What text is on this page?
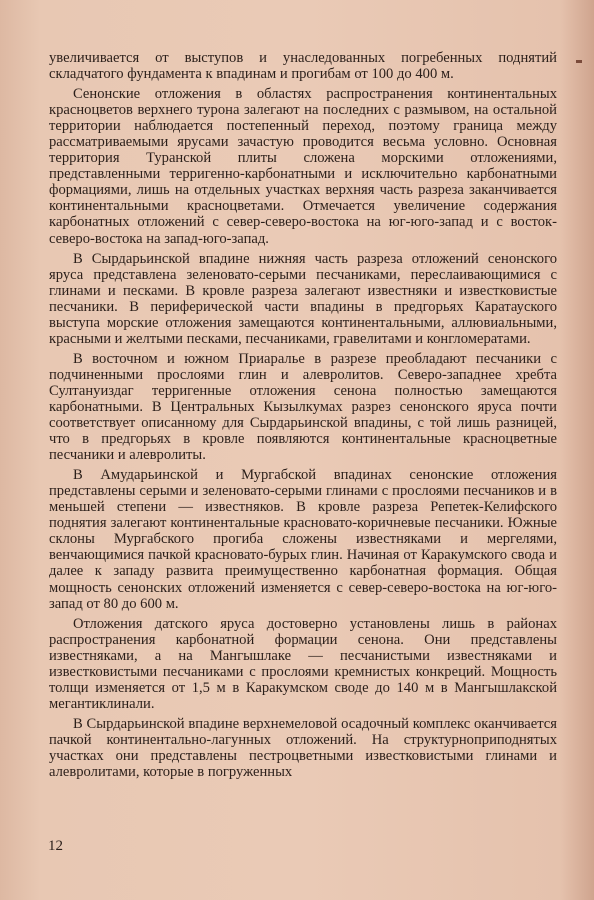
увеличивается от выступов и унаследованных погребенных поднятий складчатого фундамента к впадинам и прогибам от 100 до 400 м.

Сенонские отложения в областях распространения континентальных красноцветов верхнего турона залегают на последних с размывом, на остальной территории наблюдается постепенный переход, поэтому граница между рассматриваемыми ярусами зачастую проводится весьма условно. Основная территория Туранской плиты сложена морскими отложениями, представленными терригенно-карбонатными и исключительно карбонатными формациями, лишь на отдельных участках верхняя часть разреза заканчивается континентальными красноцветами. Отмечается увеличение содержания карбонатных отложений с север-северо-востока на юг-юго-запад и с восток-северо-востока на запад-юго-запад.

В Сырдарьинской впадине нижняя часть разреза отложений сенонского яруса представлена зеленовато-серыми песчаниками, переслаивающимися с глинами и песками. В кровле разреза залегают известняки и известковистые песчаники. В периферической части впадины в предгорьях Каратауского выступа морские отложения замещаются континентальными, аллювиальными, красными и желтыми песками, песчаниками, гравелитами и конгломератами.

В восточном и южном Приаралье в разрезе преобладают песчаники с подчиненными прослоями глин и алевролитов. Северо-западнее хребта Султануиздаг терригенные отложения сенона полностью замещаются карбонатными. В Центральных Кызылкумах разрез сенонского яруса почти соответствует описанному для Сырдарьинской впадины, с той лишь разницей, что в предгорьях в кровле появляются континентальные красноцветные песчаники и алевролиты.

В Амударьинской и Мургабской впадинах сенонские отложения представлены серыми и зеленовато-серыми глинами с прослоями песчаников и в меньшей степени — известняков. В кровле разреза Репетек-Келифского поднятия залегают континентальные красновато-коричневые песчаники. Южные склоны Мургабского прогиба сложены известняками и мергелями, венчающимися пачкой красновато-бурых глин. Начиная от Каракумского свода и далее к западу развита преимущественно карбонатная формация. Общая мощность сенонских отложений изменяется с север-северо-востока на юг-юго-запад от 80 до 600 м.

Отложения датского яруса достоверно установлены лишь в районах распространения карбонатной формации сенона. Они представлены известняками, а на Мангышлаке — песчанистыми известняками и известковистыми песчаниками с прослоями кремнистых конкреций. Мощность толщи изменяется от 1,5 м в Каракумском своде до 140 м в Мангышлакской мегантиклинали.

В Сырдарьинской впадине верхнемеловой осадочный комплекс оканчивается пачкой континентально-лагунных отложений. На структурноприподнятых участках они представлены пестроцветными известковистыми глинами и алевролитами, которые в погруженных

12
